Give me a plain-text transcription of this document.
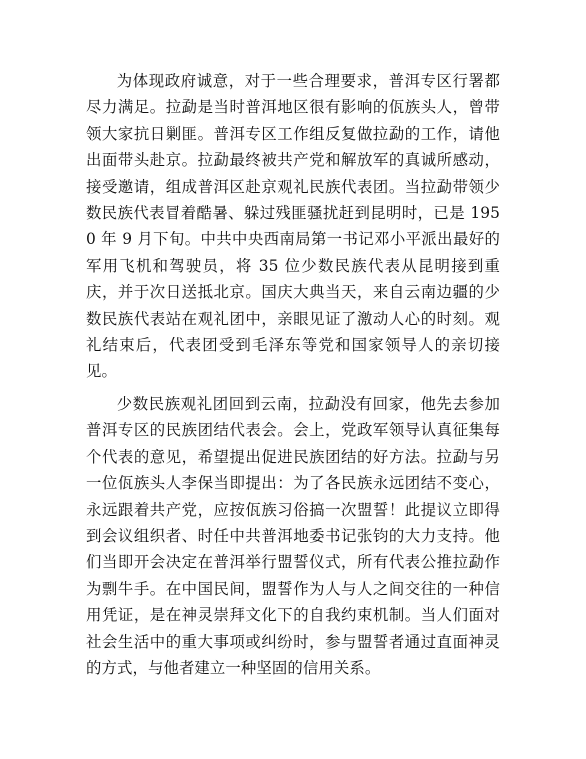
为体现政府诚意，对于一些合理要求，普洱专区行署都尽力满足。拉勐是当时普洱地区很有影响的佤族头人，曾带领大家抗日剿匪。普洱专区工作组反复做拉勐的工作，请他出面带头赴京。拉勐最终被共产党和解放军的真诚所感动，接受邀请，组成普洱区赴京观礼民族代表团。当拉勐带领少数民族代表冒着酷暑、躲过残匪骚扰赶到昆明时，已是 1950 年 9 月下旬。中共中央西南局第一书记邓小平派出最好的军用飞机和驾驶员，将 35 位少数民族代表从昆明接到重庆，并于次日送抵北京。国庆大典当天，来自云南边疆的少数民族代表站在观礼团中，亲眼见证了激动人心的时刻。观礼结束后，代表团受到毛泽东等党和国家领导人的亲切接见。

少数民族观礼团回到云南，拉勐没有回家，他先去参加普洱专区的民族团结代表会。会上，党政军领导认真征集每个代表的意见，希望提出促进民族团结的好方法。拉勐与另一位佤族头人李保当即提出：为了各民族永远团结不变心，永远跟着共产党，应按佤族习俗搞一次盟誓！此提议立即得到会议组织者、时任中共普洱地委书记张钧的大力支持。他们当即开会决定在普洱举行盟誓仪式，所有代表公推拉勐作为剽牛手。在中国民间，盟誓作为人与人之间交往的一种信用凭证，是在神灵崇拜文化下的自我约束机制。当人们面对社会生活中的重大事项或纠纷时，参与盟誓者通过直面神灵的方式，与他者建立一种坚固的信用关系。
